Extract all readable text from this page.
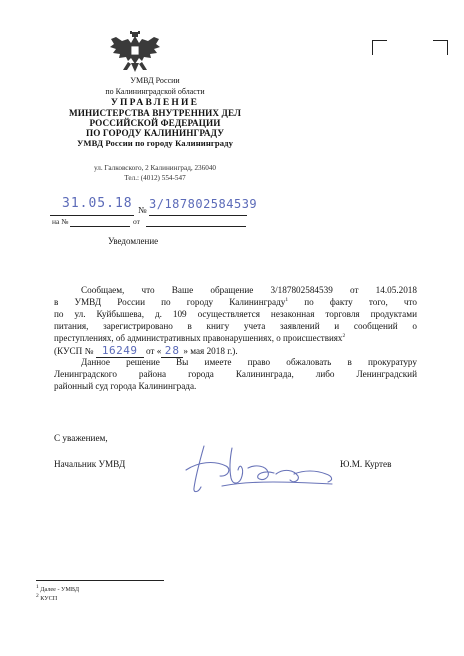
УМВД России
по Калининградской области
УПРАВЛЕНИЕ
МИНИСТЕРСТВА ВНУТРЕННИХ ДЕЛ
РОССИЙСКОЙ ФЕДЕРАЦИИ
ПО ГОРОДУ КАЛИНИНГРАДУ
УМВД России по городу Калининграду
ул. Галковского, 2 Калининград, 236040
Тел.: (4012) 554-547
31.05.18 № 3/187802584539
на №	от
Уведомление
Сообщаем, что Ваше обращение 3/187802584539 от 14.05.2018
в УМВД России по городу Калининграду$^1$ по факту того, что
по ул. Куйбышева, д. 109 осуществляется незаконная торговля продуктами
питания, зарегистрировано в книгу учета заявлений и сообщений о
преступлениях, об административных правонарушениях, о происшествиях$^2$
(КУСП № 16249 от « 28 » мая 2018 г.).
Данное решение Вы имеете право обжаловать в прокуратуру
Ленинградского района города Калининграда, либо Ленинградский
районный суд города Калининграда.
С уважением,
Начальник УМВД	Ю.М. Куртев
$^1$ Далее - УМВД
$^2$ КУСП
